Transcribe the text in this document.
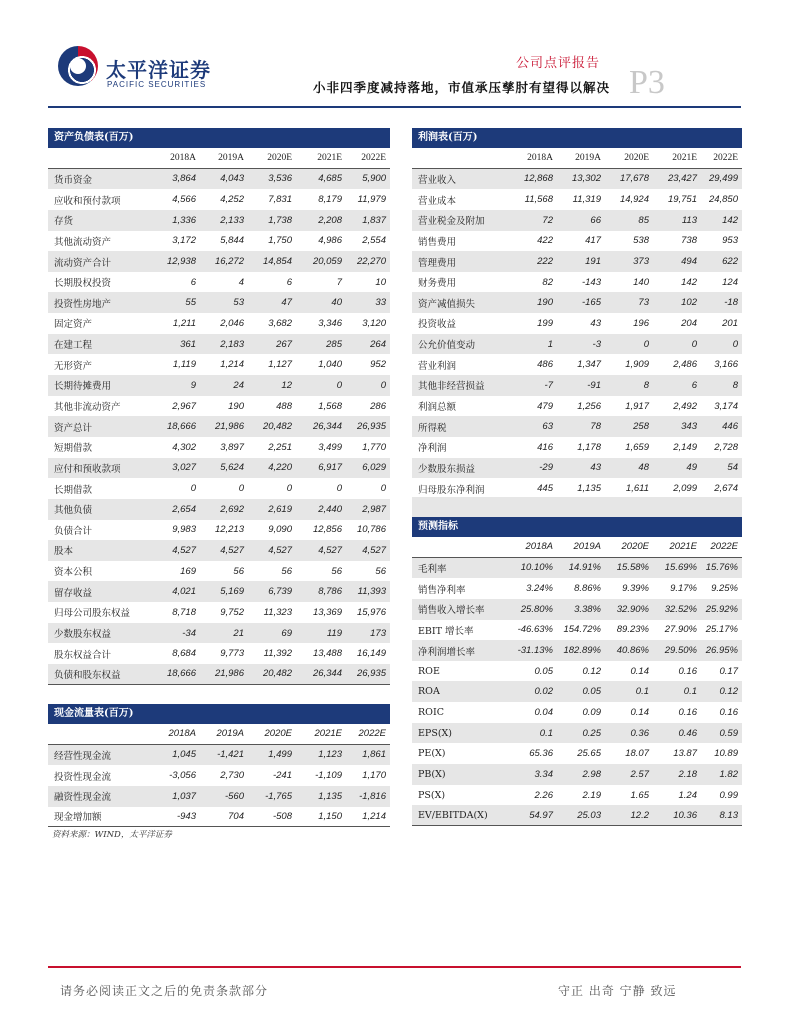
太平洋证券
PACIFIC SECURITIES
公司点评报告
小非四季度减持落地，市值承压孳肘有望得以解决 P3
资产负债表(百万)
2018A	2019A	2020E	2021E	2022E
货币资金	3,864	4,043	3,536	4,685	5,900
应收和预付款项	4,566	4,252	7,831	8,179	11,979
存货	1,336	2,133	1,738	2,208	1,837
其他流动资产	3,172	5,844	1,750	4,986	2,554
流动资产合计	12,938	16,272	14,854	20,059	22,270
长期股权投资	6	4	6	7	10
投资性房地产	55	53	47	40	33
固定资产	1,211	2,046	3,682	3,346	3,120
在建工程	361	2,183	267	285	264
无形资产	1,119	1,214	1,127	1,040	952
长期待摊费用	9	24	12	0	0
其他非流动资产	2,967	190	488	1,568	286
资产总计	18,666	21,986	20,482	26,344	26,935
短期借款	4,302	3,897	2,251	3,499	1,770
应付和预收款项	3,027	5,624	4,220	6,917	6,029
长期借款	0	0	0	0	0
其他负债	2,654	2,692	2,619	2,440	2,987
负债合计	9,983	12,213	9,090	12,856	10,786
股本	4,527	4,527	4,527	4,527	4,527
资本公积	169	56	56	56	56
留存收益	4,021	5,169	6,739	8,786	11,393
归母公司股东权益	8,718	9,752	11,323	13,369	15,976
少数股东权益	-34	21	69	119	173
股东权益合计	8,684	9,773	11,392	13,488	16,149
负债和股东权益	18,666	21,986	20,482	26,344	26,935
利润表(百万)
2018A	2019A	2020E	2021E	2022E
营业收入	12,868	13,302	17,678	23,427	29,499
营业成本	11,568	11,319	14,924	19,751	24,850
营业税金及附加	72	66	85	113	142
销售费用	422	417	538	738	953
管理费用	222	191	373	494	622
财务费用	82	-143	140	142	124
资产减值损失	190	-165	73	102	-18
投资收益	199	43	196	204	201
公允价值变动	1	-3	0	0	0
营业利润	486	1,347	1,909	2,486	3,166
其他非经营损益	-7	-91	8	6	8
利润总额	479	1,256	1,917	2,492	3,174
所得税	63	78	258	343	446
净利润	416	1,178	1,659	2,149	2,728
少数股东损益	-29	43	48	49	54
归母股东净利润	445	1,135	1,611	2,099	2,674
预测指标
2018A	2019A	2020E	2021E	2022E
毛利率	10.10%	14.91%	15.58%	15.69% 15.76%
销售净利率	3.24%	8.86%	9.39%	9.17%	9.25%
销售收入增长率	25.80%	3.38%	32.90%	32.52% 25.92%
EBIT 增长率	-46.63%	154.72%	89.23%	27.90% 25.17%
净利润增长率	-31.13%	182.89%	40.86%	29.50% 26.95%
ROE	0.05	0.12	0.14	0.16	0.17
ROA	0.02	0.05	0.1	0.1	0.12
ROIC	0.04	0.09	0.14	0.16	0.16
EPS(X)	0.1	0.25	0.36	0.46	0.59
PE(X)	65.36	25.65	18.07	13.87	10.89
PB(X)	3.34	2.98	2.57	2.18	1.82
PS(X)	2.26	2.19	1.65	1.24	0.99
EV/EBITDA(X)	54.97	25.03	12.2	10.36	8.13
现金流量表(百万)
2018A	2019A	2020E	2021E	2022E
经营性现金流	1,045	-1,421	1,499	1,123	1,861
投资性现金流	-3,056	2,730	-241	-1,109	1,170
融资性现金流	1,037	-560	-1,765	1,135	-1,816
现金增加额	-943	704	-508	1,150	1,214
资料来源：WIND，太平洋证券
请务必阅读正文之后的免责条款部分	守正 出奇 宁静 致远
